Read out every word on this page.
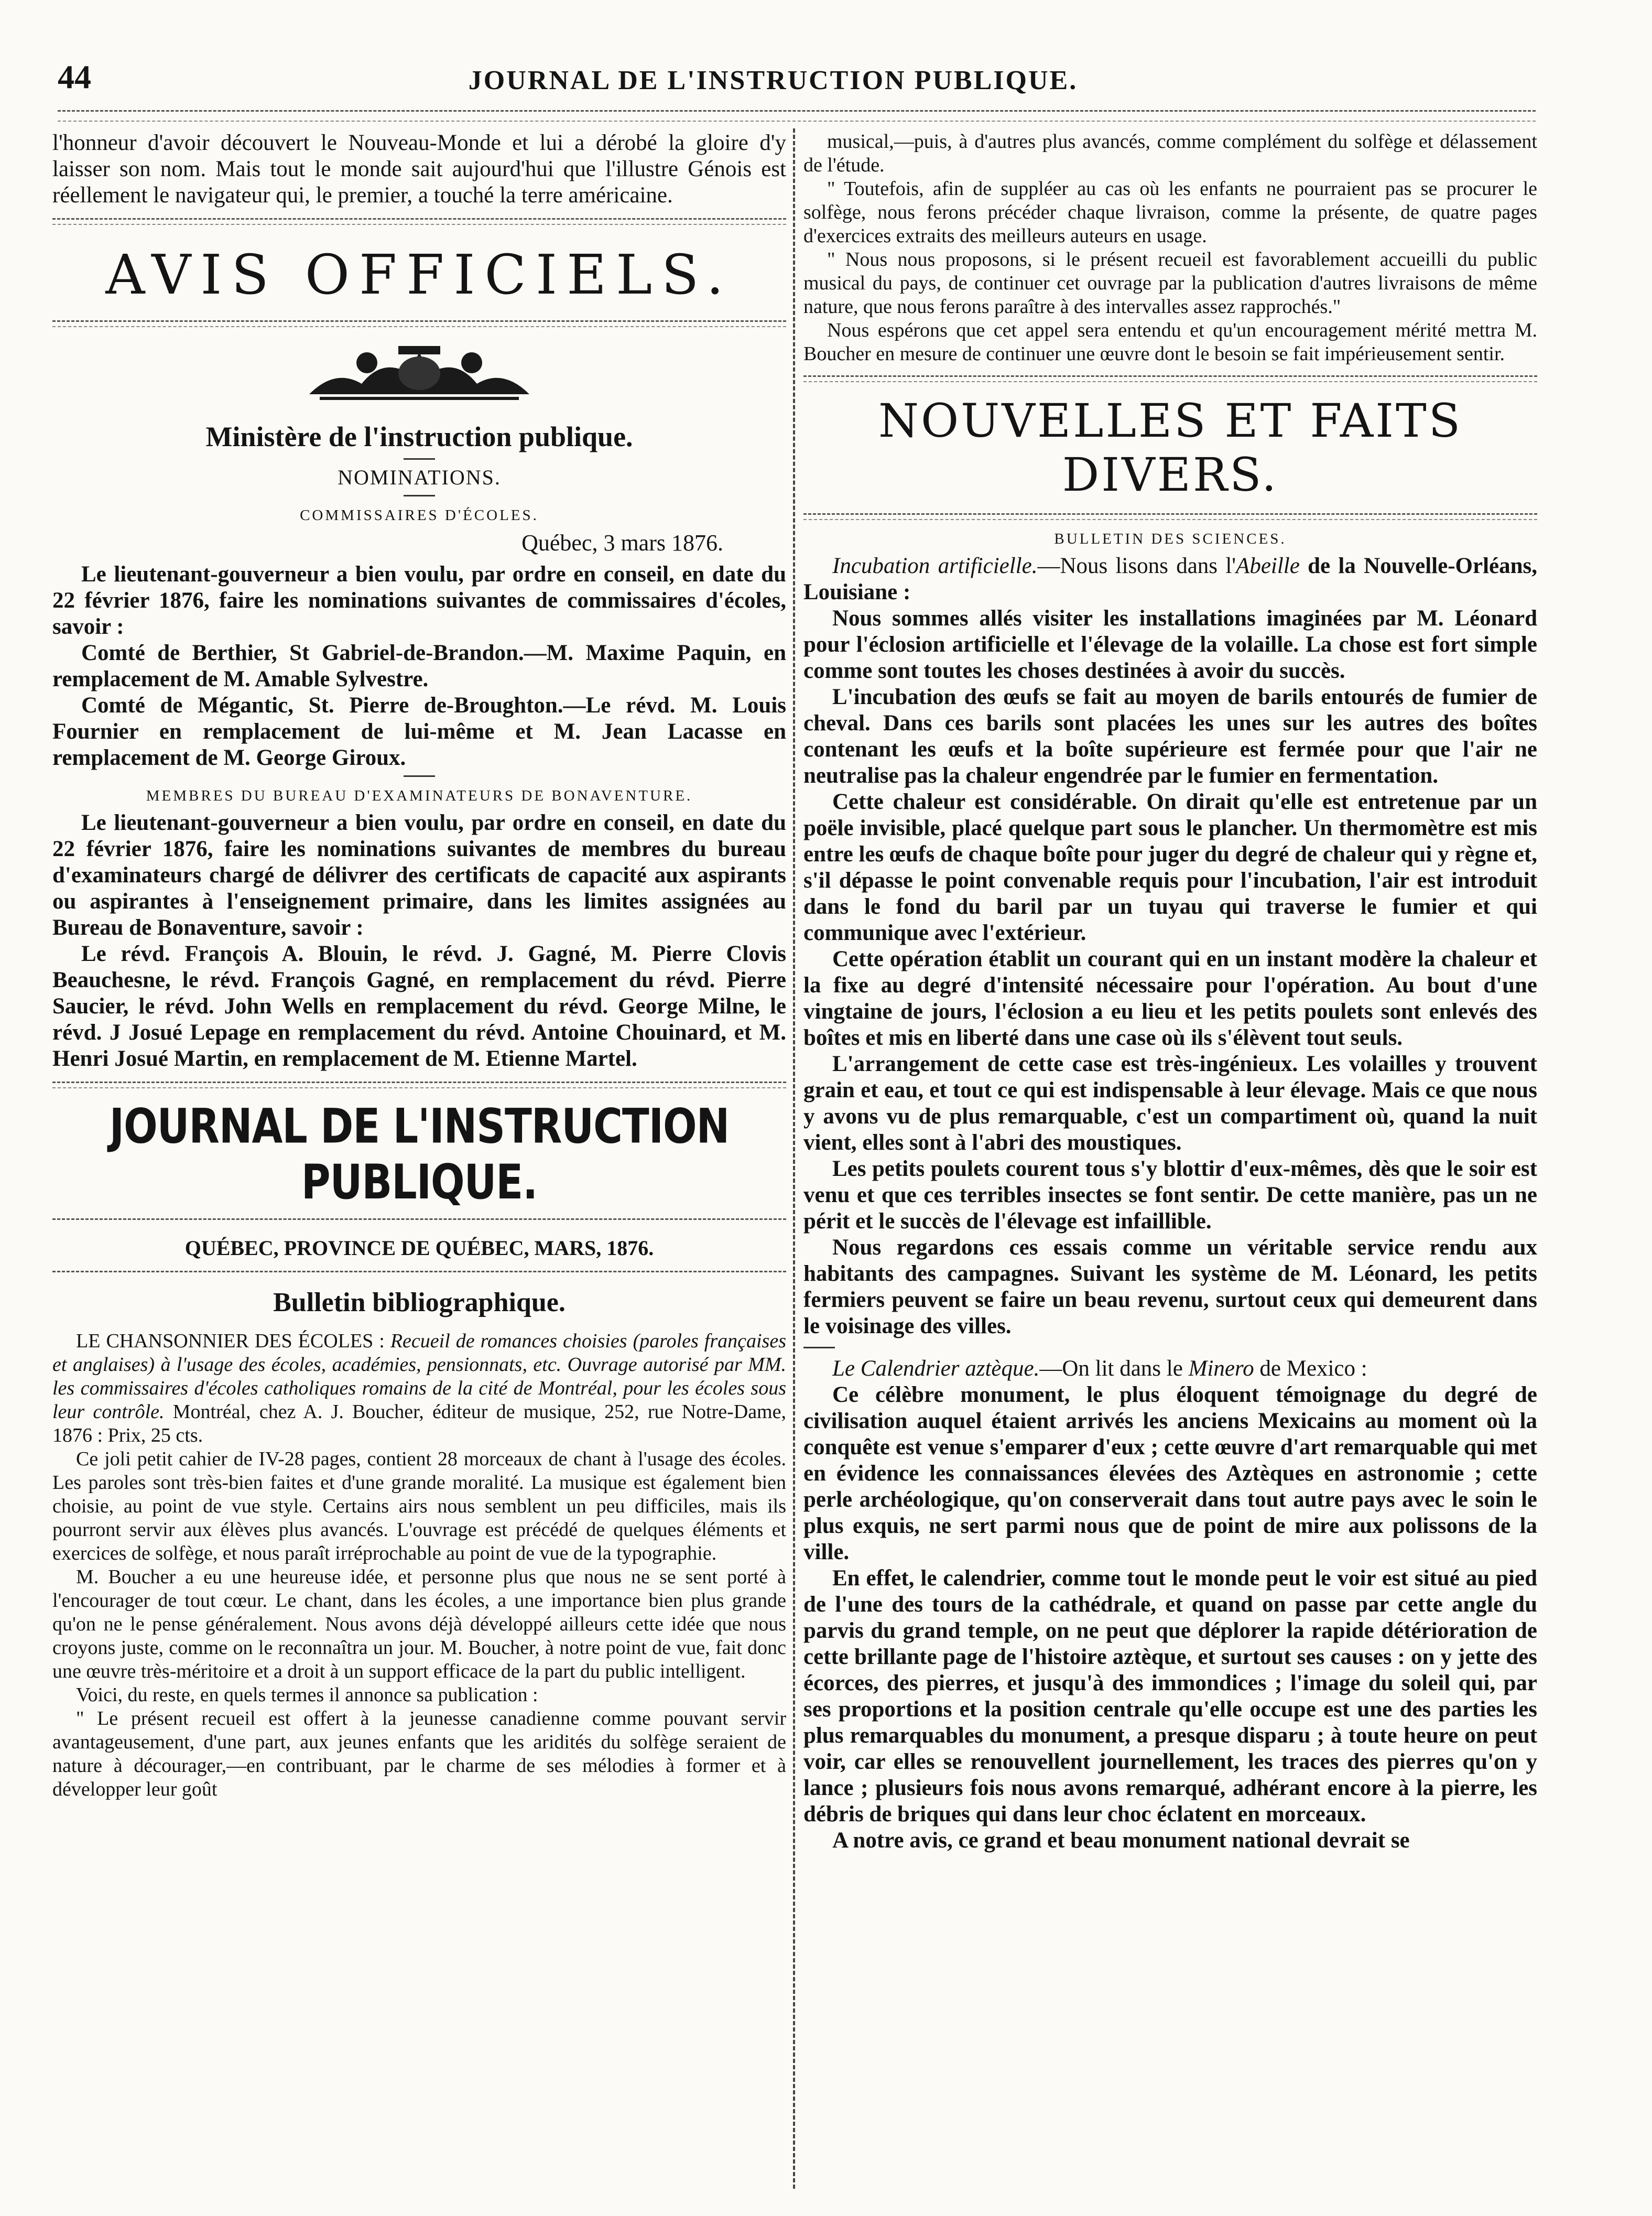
44	JOURNAL DE L'INSTRUCTION PUBLIQUE.

l'honneur d'avoir découvert le Nouveau-Monde et lui a dérobé la gloire d'y laisser son nom. Mais tout le monde sait aujourd'hui que l'illustre Génois est réellement le navigateur qui, le premier, a touché la terre américaine.

AVIS OFFICIELS.
Ministère de l'instruction publique.
NOMINATIONS.
COMMISSAIRES D'ÉCOLES.
Québec, 3 mars 1876.

Le lieutenant-gouverneur a bien voulu, par ordre en conseil, en date du 22 février 1876, faire les nominations suivantes de commissaires d'écoles, savoir :

Comté de Berthier, St Gabriel-de-Brandon.—M. Maxime Paquin, en remplacement de M. Amable Sylvestre.

Comté de Mégantic, St. Pierre de-Broughton.—Le révd. M. Louis Fournier en remplacement de lui-même et M. Jean Lacasse en remplacement de M. George Giroux.

MEMBRES DU BUREAU D'EXAMINATEURS DE BONAVENTURE.

Le lieutenant-gouverneur a bien voulu, par ordre en conseil, en date du 22 février 1876, faire les nominations suivantes de membres du bureau d'examinateurs chargé de délivrer des certificats de capacité aux aspirants ou aspirantes à l'enseignement primaire, dans les limites assignées au Bureau de Bonaventure, savoir :

Le révd. François A. Blouin, le révd. J. Gagné, M. Pierre Clovis Beauchesne, le révd. François Gagné, en remplacement du révd. Pierre Saucier, le révd. John Wells en remplacement du révd. George Milne, le révd. J Josué Lepage en remplacement du révd. Antoine Chouinard, et M. Henri Josué Martin, en remplacement de M. Etienne Martel.

JOURNAL DE L'INSTRUCTION PUBLIQUE.
QUÉBEC, PROVINCE DE QUÉBEC, MARS, 1876.
Bulletin bibliographique.

LE CHANSONNIER DES ÉCOLES : Recueil de romances choisies (paroles françaises et anglaises) à l'usage des écoles, académies, pensionnats, etc. Ouvrage autorisé par MM. les commissaires d'écoles catholiques romains de la cité de Montréal, pour les écoles sous leur contrôle. Montréal, chez A. J. Boucher, éditeur de musique, 252, rue Notre-Dame, 1876 : Prix, 25 cts.

Ce joli petit cahier de IV-28 pages, contient 28 morceaux de chant à l'usage des écoles. Les paroles sont très-bien faites et d'une grande moralité. La musique est également bien choisie, au point de vue style. Certains airs nous semblent un peu difficiles, mais ils pourront servir aux élèves plus avancés. L'ouvrage est précédé de quelques éléments et exercices de solfège, et nous paraît irréprochable au point de vue de la typographie.

M. Boucher a eu une heureuse idée, et personne plus que nous ne se sent porté à l'encourager de tout cœur. Le chant, dans les écoles, a une importance bien plus grande qu'on ne le pense généralement. Nous avons déjà développé ailleurs cette idée que nous croyons juste, comme on le reconnaîtra un jour. M. Boucher, à notre point de vue, fait donc une œuvre très-méritoire et a droit à un support efficace de la part du public intelligent.

Voici, du reste, en quels termes il annonce sa publication :

" Le présent recueil est offert à la jeunesse canadienne comme pouvant servir avantageusement, d'une part, aux jeunes enfants que les aridités du solfège seraient de nature à décourager,—en contribuant, par le charme de ses mélodies à former et à développer leur goût

musical,—puis, à d'autres plus avancés, comme complément du solfège et délassement de l'étude.

" Toutefois, afin de suppléer au cas où les enfants ne pourraient pas se procurer le solfège, nous ferons précéder chaque livraison, comme la présente, de quatre pages d'exercices extraits des meilleurs auteurs en usage.

" Nous nous proposons, si le présent recueil est favorablement accueilli du public musical du pays, de continuer cet ouvrage par la publication d'autres livraisons de même nature, que nous ferons paraître à des intervalles assez rapprochés."

Nous espérons que cet appel sera entendu et qu'un encouragement mérité mettra M. Boucher en mesure de continuer une œuvre dont le besoin se fait impérieusement sentir.

NOUVELLES ET FAITS DIVERS.
BULLETIN DES SCIENCES.

Incubation artificielle.—Nous lisons dans l'Abeille de la Nouvelle-Orléans, Louisiane :

Nous sommes allés visiter les installations imaginées par M. Léonard pour l'éclosion artificielle et l'élevage de la volaille. La chose est fort simple comme sont toutes les choses destinées à avoir du succès.

L'incubation des œufs se fait au moyen de barils entourés de fumier de cheval. Dans ces barils sont placées les unes sur les autres des boîtes contenant les œufs et la boîte supérieure est fermée pour que l'air ne neutralise pas la chaleur engendrée par le fumier en fermentation.

Cette chaleur est considérable. On dirait qu'elle est entretenue par un poële invisible, placé quelque part sous le plancher. Un thermomètre est mis entre les œufs de chaque boîte pour juger du degré de chaleur qui y règne et, s'il dépasse le point convenable requis pour l'incubation, l'air est introduit dans le fond du baril par un tuyau qui traverse le fumier et qui communique avec l'extérieur.

Cette opération établit un courant qui en un instant modère la chaleur et la fixe au degré d'intensité nécessaire pour l'opération. Au bout d'une vingtaine de jours, l'éclosion a eu lieu et les petits poulets sont enlevés des boîtes et mis en liberté dans une case où ils s'élèvent tout seuls.

L'arrangement de cette case est très-ingénieux. Les volailles y trouvent grain et eau, et tout ce qui est indispensable à leur élevage. Mais ce que nous y avons vu de plus remarquable, c'est un compartiment où, quand la nuit vient, elles sont à l'abri des moustiques.

Les petits poulets courent tous s'y blottir d'eux-mêmes, dès que le soir est venu et que ces terribles insectes se font sentir. De cette manière, pas un ne périt et le succès de l'élevage est infaillible.

Nous regardons ces essais comme un véritable service rendu aux habitants des campagnes. Suivant les système de M. Léonard, les petits fermiers peuvent se faire un beau revenu, surtout ceux qui demeurent dans le voisinage des villes.

Le Calendrier aztèque.—On lit dans le Minero de Mexico :

Ce célèbre monument, le plus éloquent témoignage du degré de civilisation auquel étaient arrivés les anciens Mexicains au moment où la conquête est venue s'emparer d'eux ; cette œuvre d'art remarquable qui met en évidence les connaissances élevées des Aztèques en astronomie ; cette perle archéologique, qu'on conserverait dans tout autre pays avec le soin le plus exquis, ne sert parmi nous que de point de mire aux polissons de la ville.

En effet, le calendrier, comme tout le monde peut le voir est situé au pied de l'une des tours de la cathédrale, et quand on passe par cette angle du parvis du grand temple, on ne peut que déplorer la rapide détérioration de cette brillante page de l'histoire aztèque, et surtout ses causes : on y jette des écorces, des pierres, et jusqu'à des immondices ; l'image du soleil qui, par ses proportions et la position centrale qu'elle occupe est une des parties les plus remarquables du monument, a presque disparu ; à toute heure on peut voir, car elles se renouvellent journellement, les traces des pierres qu'on y lance ; plusieurs fois nous avons remarqué, adhérant encore à la pierre, les débris de briques qui dans leur choc éclatent en morceaux.

A notre avis, ce grand et beau monument national devrait se
